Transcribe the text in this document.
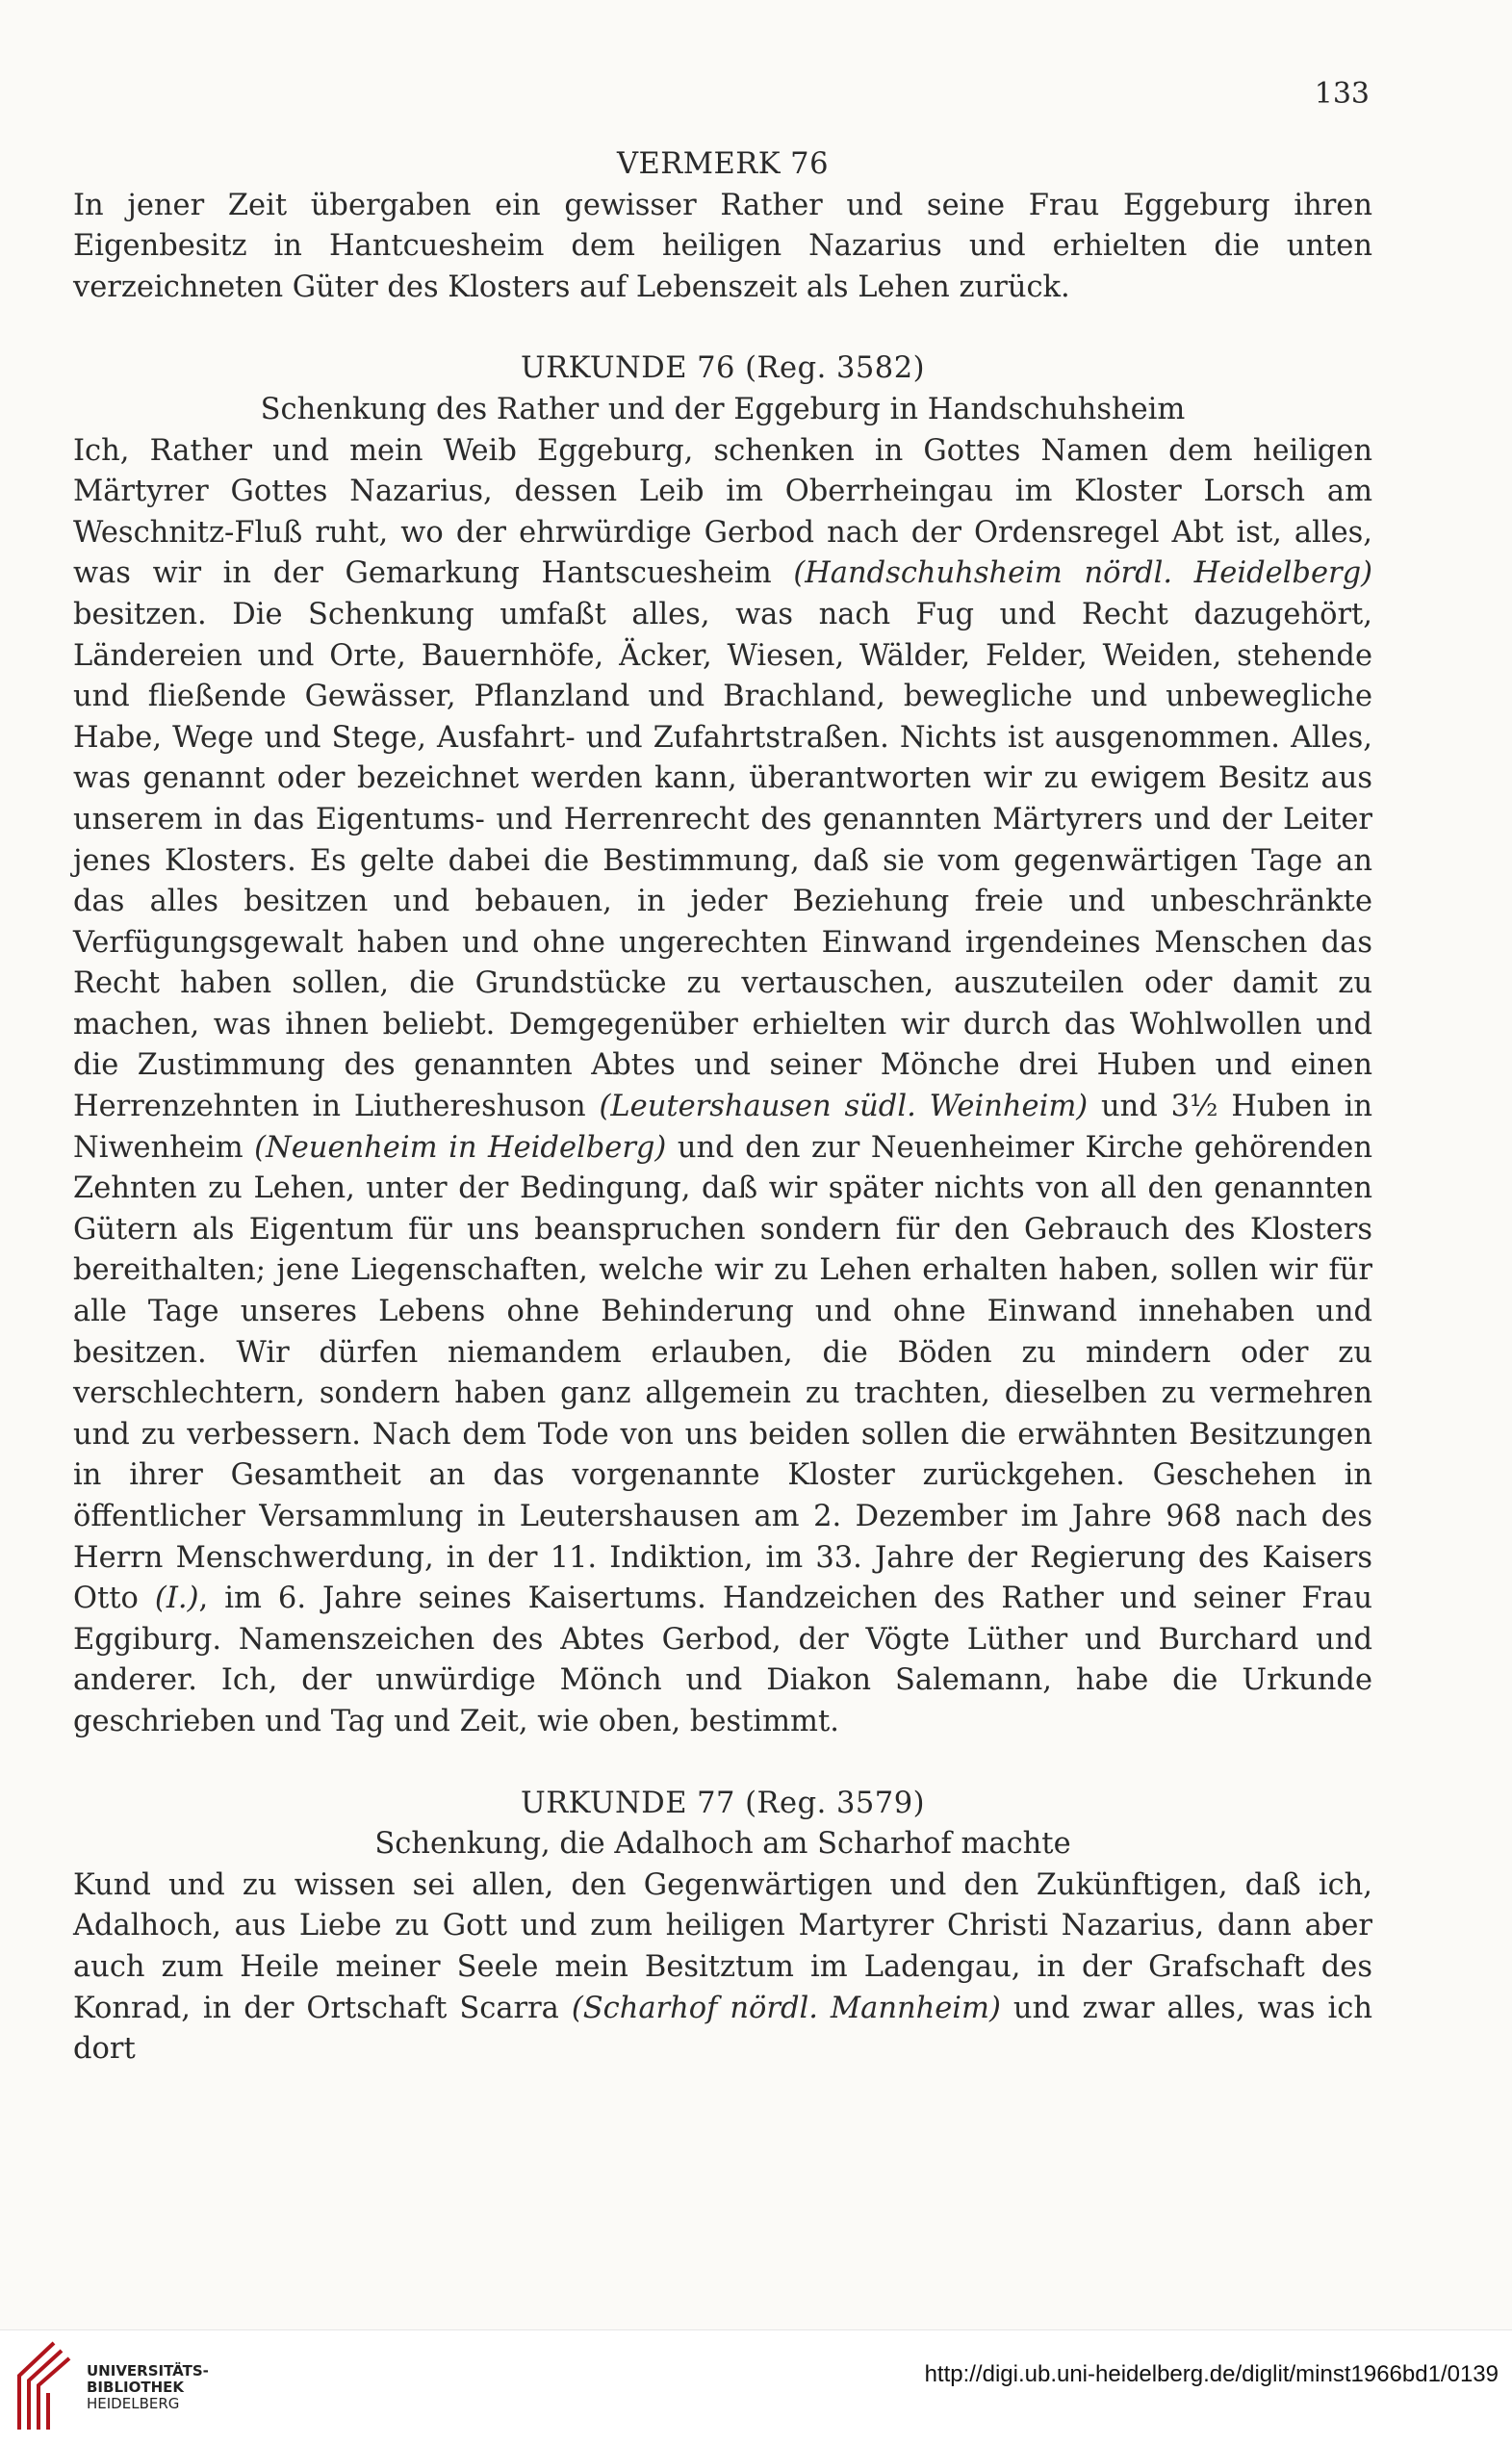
133
VERMERK 76

In jener Zeit übergaben ein gewisser Rather und seine Frau Eggeburg ihren Eigenbesitz in Hantcuesheim dem heiligen Nazarius und erhielten die unten verzeichneten Güter des Klosters auf Lebenszeit als Lehen zurück.

URKUNDE 76 (Reg. 3582)
Schenkung des Rather und der Eggeburg in Handschuhsheim

Ich, Rather und mein Weib Eggeburg, schenken in Gottes Namen dem heiligen Märtyrer Gottes Nazarius, dessen Leib im Oberrheingau im Kloster Lorsch am Weschnitz-Fluß ruht, wo der ehrwürdige Gerbod nach der Ordensregel Abt ist, alles, was wir in der Gemarkung Hantscuesheim (Handschuhsheim nördl. Heidelberg) besitzen. Die Schenkung umfaßt alles, was nach Fug und Recht dazugehört, Ländereien und Orte, Bauernhöfe, Äcker, Wiesen, Wälder, Felder, Weiden, stehende und fließende Gewässer, Pflanzland und Brachland, bewegliche und unbewegliche Habe, Wege und Stege, Ausfahrt- und Zufahrtstraßen. Nichts ist ausgenommen. Alles, was genannt oder bezeichnet werden kann, überantworten wir zu ewigem Besitz aus unserem in das Eigentums- und Herrenrecht des genannten Märtyrers und der Leiter jenes Klosters. Es gelte dabei die Bestimmung, daß sie vom gegenwärtigen Tage an das alles besitzen und bebauen, in jeder Beziehung freie und unbeschränkte Verfügungsgewalt haben und ohne ungerechten Einwand irgendeines Menschen das Recht haben sollen, die Grundstücke zu vertauschen, auszuteilen oder damit zu machen, was ihnen beliebt. Demgegenüber erhielten wir durch das Wohlwollen und die Zustimmung des genannten Abtes und seiner Mönche drei Huben und einen Herrenzehnten in Liuthereshuson (Leutershausen südl. Weinheim) und 3½ Huben in Niwenheim (Neuenheim in Heidelberg) und den zur Neuenheimer Kirche gehörenden Zehnten zu Lehen, unter der Bedingung, daß wir später nichts von all den genannten Gütern als Eigentum für uns beanspruchen sondern für den Gebrauch des Klosters bereithalten; jene Liegenschaften, welche wir zu Lehen erhalten haben, sollen wir für alle Tage unseres Lebens ohne Behinderung und ohne Einwand innehaben und besitzen. Wir dürfen niemandem erlauben, die Böden zu mindern oder zu verschlechtern, sondern haben ganz allgemein zu trachten, dieselben zu vermehren und zu verbessern. Nach dem Tode von uns beiden sollen die erwähnten Besitzungen in ihrer Gesamtheit an das vorgenannte Kloster zurückgehen. Geschehen in öffentlicher Versammlung in Leutershausen am 2. Dezember im Jahre 968 nach des Herrn Menschwerdung, in der 11. Indiktion, im 33. Jahre der Regierung des Kaisers Otto (I.), im 6. Jahre seines Kaisertums. Handzeichen des Rather und seiner Frau Eggiburg. Namenszeichen des Abtes Gerbod, der Vögte Lüther und Burchard und anderer. Ich, der unwürdige Mönch und Diakon Salemann, habe die Urkunde geschrieben und Tag und Zeit, wie oben, bestimmt.

URKUNDE 77 (Reg. 3579)
Schenkung, die Adalhoch am Scharhof machte

Kund und zu wissen sei allen, den Gegenwärtigen und den Zukünftigen, daß ich, Adalhoch, aus Liebe zu Gott und zum heiligen Martyrer Christi Nazarius, dann aber auch zum Heile meiner Seele mein Besitztum im Ladengau, in der Grafschaft des Konrad, in der Ortschaft Scarra (Scharhof nördl. Mannheim) und zwar alles, was ich dort

UNIVERSITÄTS-
BIBLIOTHEK
HEIDELBERG
http://digi.ub.uni-heidelberg.de/diglit/minst1966bd1/0139
